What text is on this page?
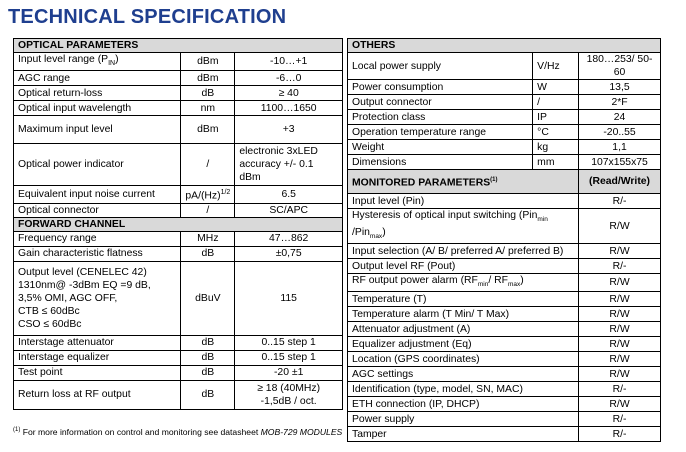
TECHNICAL SPECIFICATION
OPTICAL PARAMETERS		
Input level range $(P_{IN})$	dBm	-10…+1
AGC range	dBm	-6…0
Optical return-loss	dB	≥ 40
Optical input wavelength	nm	1100…1650
Maximum input level	dBm	+3
Optical power indicator	/	electronic 3xLED
accuracy +/- 0.1
dBm

Equivalent input noise current	$pA/(Hz)^{1/2}$	6.5
Optical connector	/	SC/APC
FORWARD CHANNEL		
Frequency range	MHz	47…862
Gain characteristic flatness	dB	±0,75

Output level (CENELEC 42)
1310nm@ -3dBm EQ =9 dB,
3,5% OMI, AGC OFF,
CTB ≤ 60dBc
CSO ≤ 60dBc	dBuV	115
Interstage attenuator	dB	0..15 step 1
Interstage equalizer	dB	0..15 step 1
Test point	dB	-20 ±1
Return loss at RF output	dB	≥ 18 (40MHz)
-1,5dB / oct.
OTHERS		
Local power supply	V/Hz	180…253/ 50-60
Power consumption	W	13,5
Output connector	/	2*F
Protection class	IP	24
Operation temperature range	°C	-20..55
Weight	kg	1,1
Dimensions	mm	107x155x75
MONITORED PARAMETERS$^{(1)}$		(Read/Write)
Input level (Pin)		R/-
Hysteresis of optical input switching (Pin$_{min}$ /Pin$_{max}$)		R/W
Input selection (A/ B/ preferred A/ preferred B)		R/W
Output level RF (Pout)		R/-
RF output power alarm ($RF_{min}/$ $RF_{max}$)		R/W
Temperature (T)		R/W
Temperature alarm (T Min/ T Max)		R/W
Attenuator adjustment (A)		R/W
Equalizer adjustment (Eq)		R/W
Location (GPS coordinates)		R/W
AGC settings		R/W
Identification (type, model, SN, MAC)		R/-
ETH connection (IP, DHCP)		R/W
Power supply		R/-
Tamper		R/-
$^{(1)}$ For more information on control and monitoring see datasheet MOB-729 MODULES
